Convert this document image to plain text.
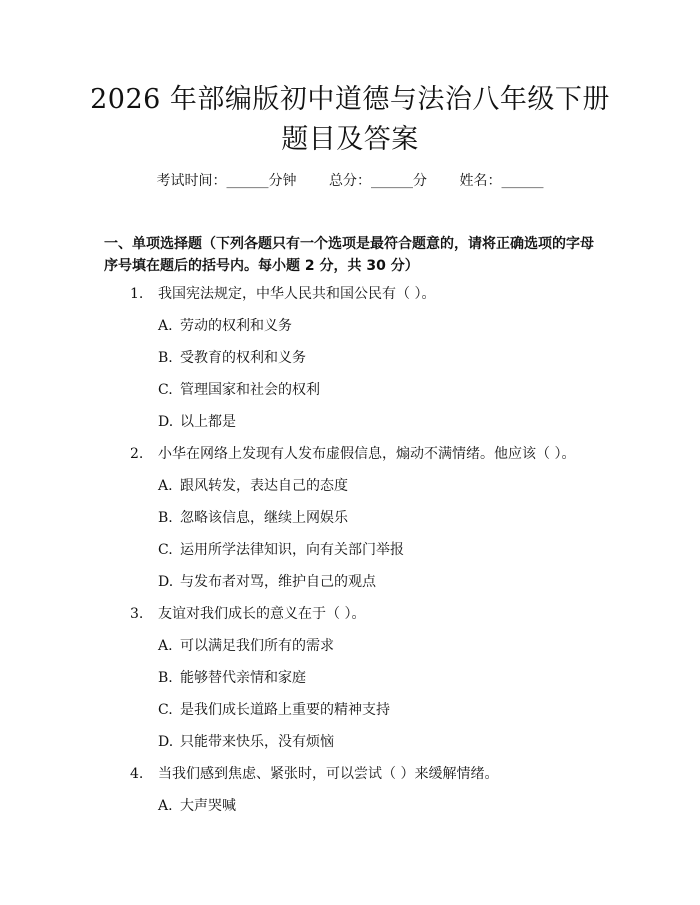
2026 年部编版初中道德与法治八年级下册题目及答案
考试时间：______分钟 总分：______分 姓名：______
一、单项选择题（下列各题只有一个选项是最符合题意的，请将正确选项的字母序号填在题后的括号内。每小题 2 分，共 30 分）
1. 我国宪法规定，中华人民共和国公民有（ ）。
A. 劳动的权利和义务
B. 受教育的权利和义务
C. 管理国家和社会的权利
D. 以上都是
2. 小华在网络上发现有人发布虚假信息，煽动不满情绪。他应该（ ）。
A. 跟风转发，表达自己的态度
B. 忽略该信息，继续上网娱乐
C. 运用所学法律知识，向有关部门举报
D. 与发布者对骂，维护自己的观点
3. 友谊对我们成长的意义在于（ ）。
A. 可以满足我们所有的需求
B. 能够替代亲情和家庭
C. 是我们成长道路上重要的精神支持
D. 只能带来快乐，没有烦恼
4. 当我们感到焦虑、紧张时，可以尝试（ ）来缓解情绪。
A. 大声哭喊
